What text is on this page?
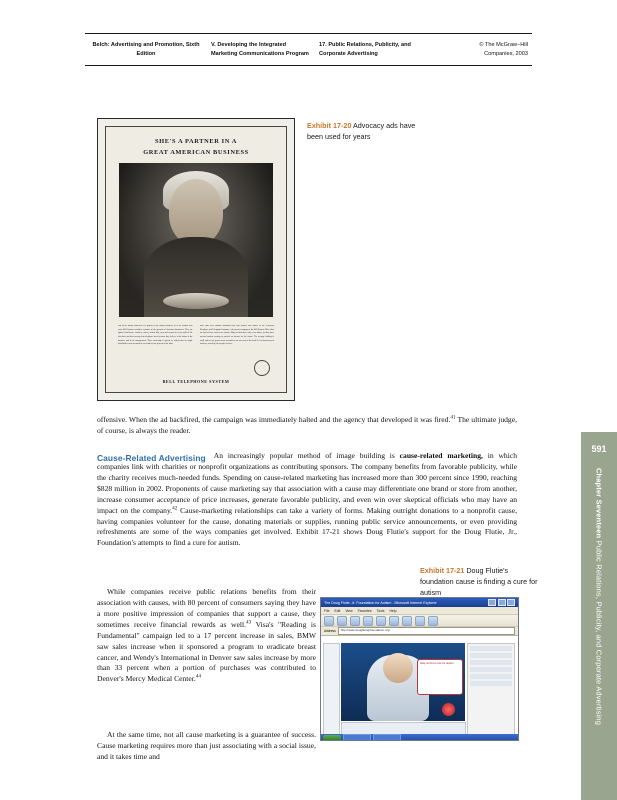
Belch: Advertising and Promotion, Sixth Edition
V. Developing the Integrated Marketing Communications Program
17. Public Relations, Publicity, and Corporate Advertising
© The McGraw−Hill
Companies, 2003
SHE'S A PARTNER IN A
GREAT AMERICAN BUSINESS
Just as the thrifty housewife is a partner in the family business, so is the woman who owns Bell System securities a partner in the greatest of American businesses. They are typical Americans—teachers, nurses, retired folk, men and women in every walk of life who have put their savings into telephone stock because they believe in the future of the business and in its management. Their ownership is spread so widely that no single shareholder owns as much as one-tenth of one percent of the total.
More than four hundred thousand men and women own shares in the American Telephone and Telegraph Company—the parent company of the Bell System. More than one-half of these owners are women. Many of them have only a few shares, for they have invested modest savings to provide an income for the future. The average holding is small, and no one person owns as much as one per cent of the stock. It is a democracy in business, owned by the people it serves.
BELL TELEPHONE SYSTEM
Exhibit 17-20 Advocacy ads have been used for years
offensive. When the ad backfired, the campaign was immediately halted and the agency that developed it was fired.$^{41}$ The ultimate judge, of course, is always the reader.
Cause-Related Advertising	An increasingly popular method of image building is cause-related marketing, in which companies link with charities or nonprofit organizations as contributing sponsors. The company benefits from favorable publicity, while the charity receives much-needed funds. Spending on cause-related marketing has increased more than 300 percent since 1990, reaching $828 million in 2002. Proponents of cause marketing say that association with a cause may differentiate one brand or store from another, increase consumer acceptance of price increases, generate favorable publicity, and even win over skeptical officials who may have an impact on the company.$^{42}$ Cause-marketing relationships can take a variety of forms. Making outright donations to a nonprofit cause, having companies volunteer for the cause, donating materials or supplies, running public service announcements, or even providing refreshments are some of the ways companies get involved. Exhibit 17-21 shows Doug Flutie's support for the Doug Flutie, Jr., Foundation's attempts to find a cure for autism.
While companies receive public relations benefits from their association with causes, with 80 percent of consumers saying they have a more positive impression of companies that support a cause, they sometimes receive financial rewards as well.$^{43}$ Visa's "Reading is Fundamental" campaign led to a 17 percent increase in sales, BMW saw sales increase when it sponsored a program to eradicate breast cancer, and Wendy's International in Denver saw sales increase by more than 33 percent when a portion of purchases was contributed to Denver's Mercy Medical Center.$^{44}$
At the same time, not all cause marketing is a guarantee of success. Cause marketing requires more than just associating with a social issue, and it takes time and
Exhibit 17-21 Doug Flutie's foundation cause is finding a cure for autism
The Doug Flutie, Jr. Foundation for Autism - Microsoft Internet Explorer
File Edit View Favorites Tools Help
Address	http://www.dougflutiejrfoundation.org/
Help us find a cure for autism
591
Chapter Seventeen Public Relations, Publicity, and Corporate Advertising
